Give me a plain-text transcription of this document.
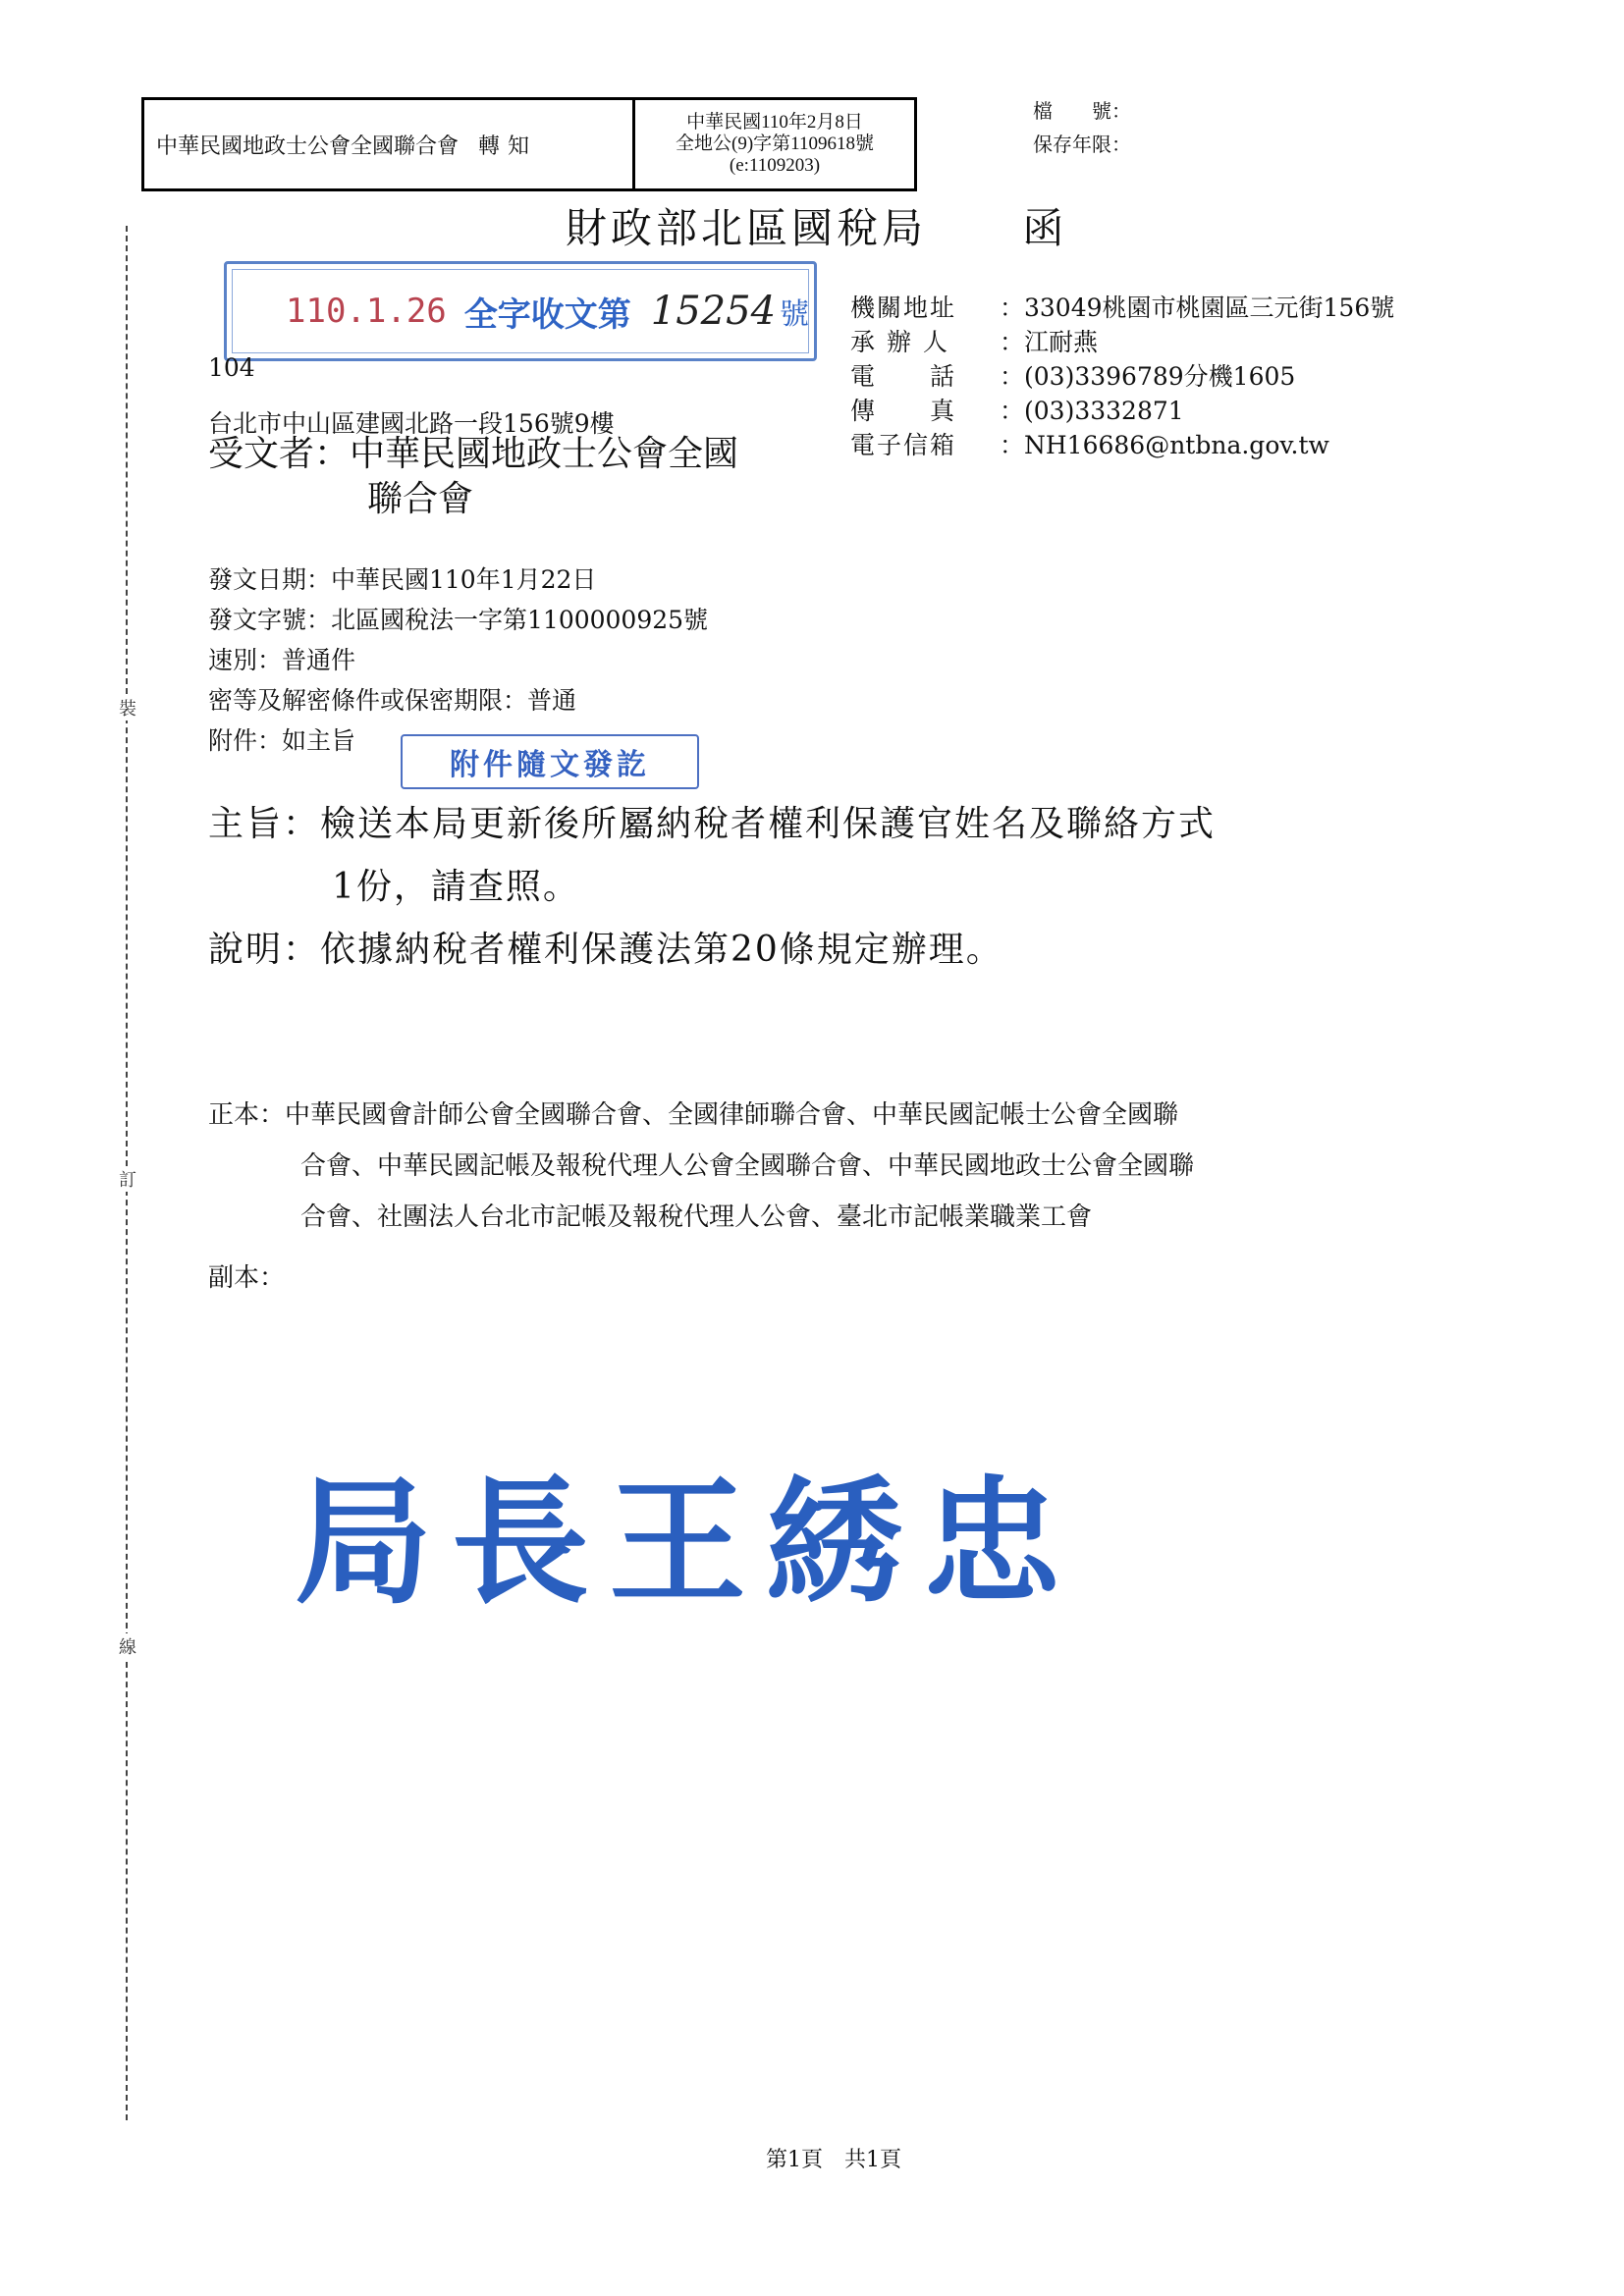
中華民國地政士公會全國聯合會 轉知
中華民國110年2月8日
全地公(9)字第1109618號
(e:1109203)
檔　　號：
保存年限：
財政部北區國稅局 函
110.1.26 全字收文第 15254 號 機關地址	：33049桃園市桃園區三元街156號
承 辦 人	：江耐燕
電　　話	：(03)3396789分機1605
傳　　真	：(03)3332871
電子信箱	：NH16686@ntbna.gov.tw
104
台北市中山區建國北路一段156號9樓
受文者：中華民國地政士公會全國
聯合會
發文日期：中華民國110年1月22日
發文字號：北區國稅法一字第1100000925號
速別：普通件
密等及解密條件或保密期限：普通
附件：如主旨
附件隨文發訖
主旨：檢送本局更新後所屬納稅者權利保護官姓名及聯絡方式
1份，請查照。
說明：依據納稅者權利保護法第20條規定辦理。
正本：中華民國會計師公會全國聯合會、全國律師聯合會、中華民國記帳士公會全國聯
合會、中華民國記帳及報稅代理人公會全國聯合會、中華民國地政士公會全國聯
合會、社團法人台北市記帳及報稅代理人公會、臺北市記帳業職業工會
副本：
局 長 王 綉 忠
裝
訂
線
第1頁　共1頁
